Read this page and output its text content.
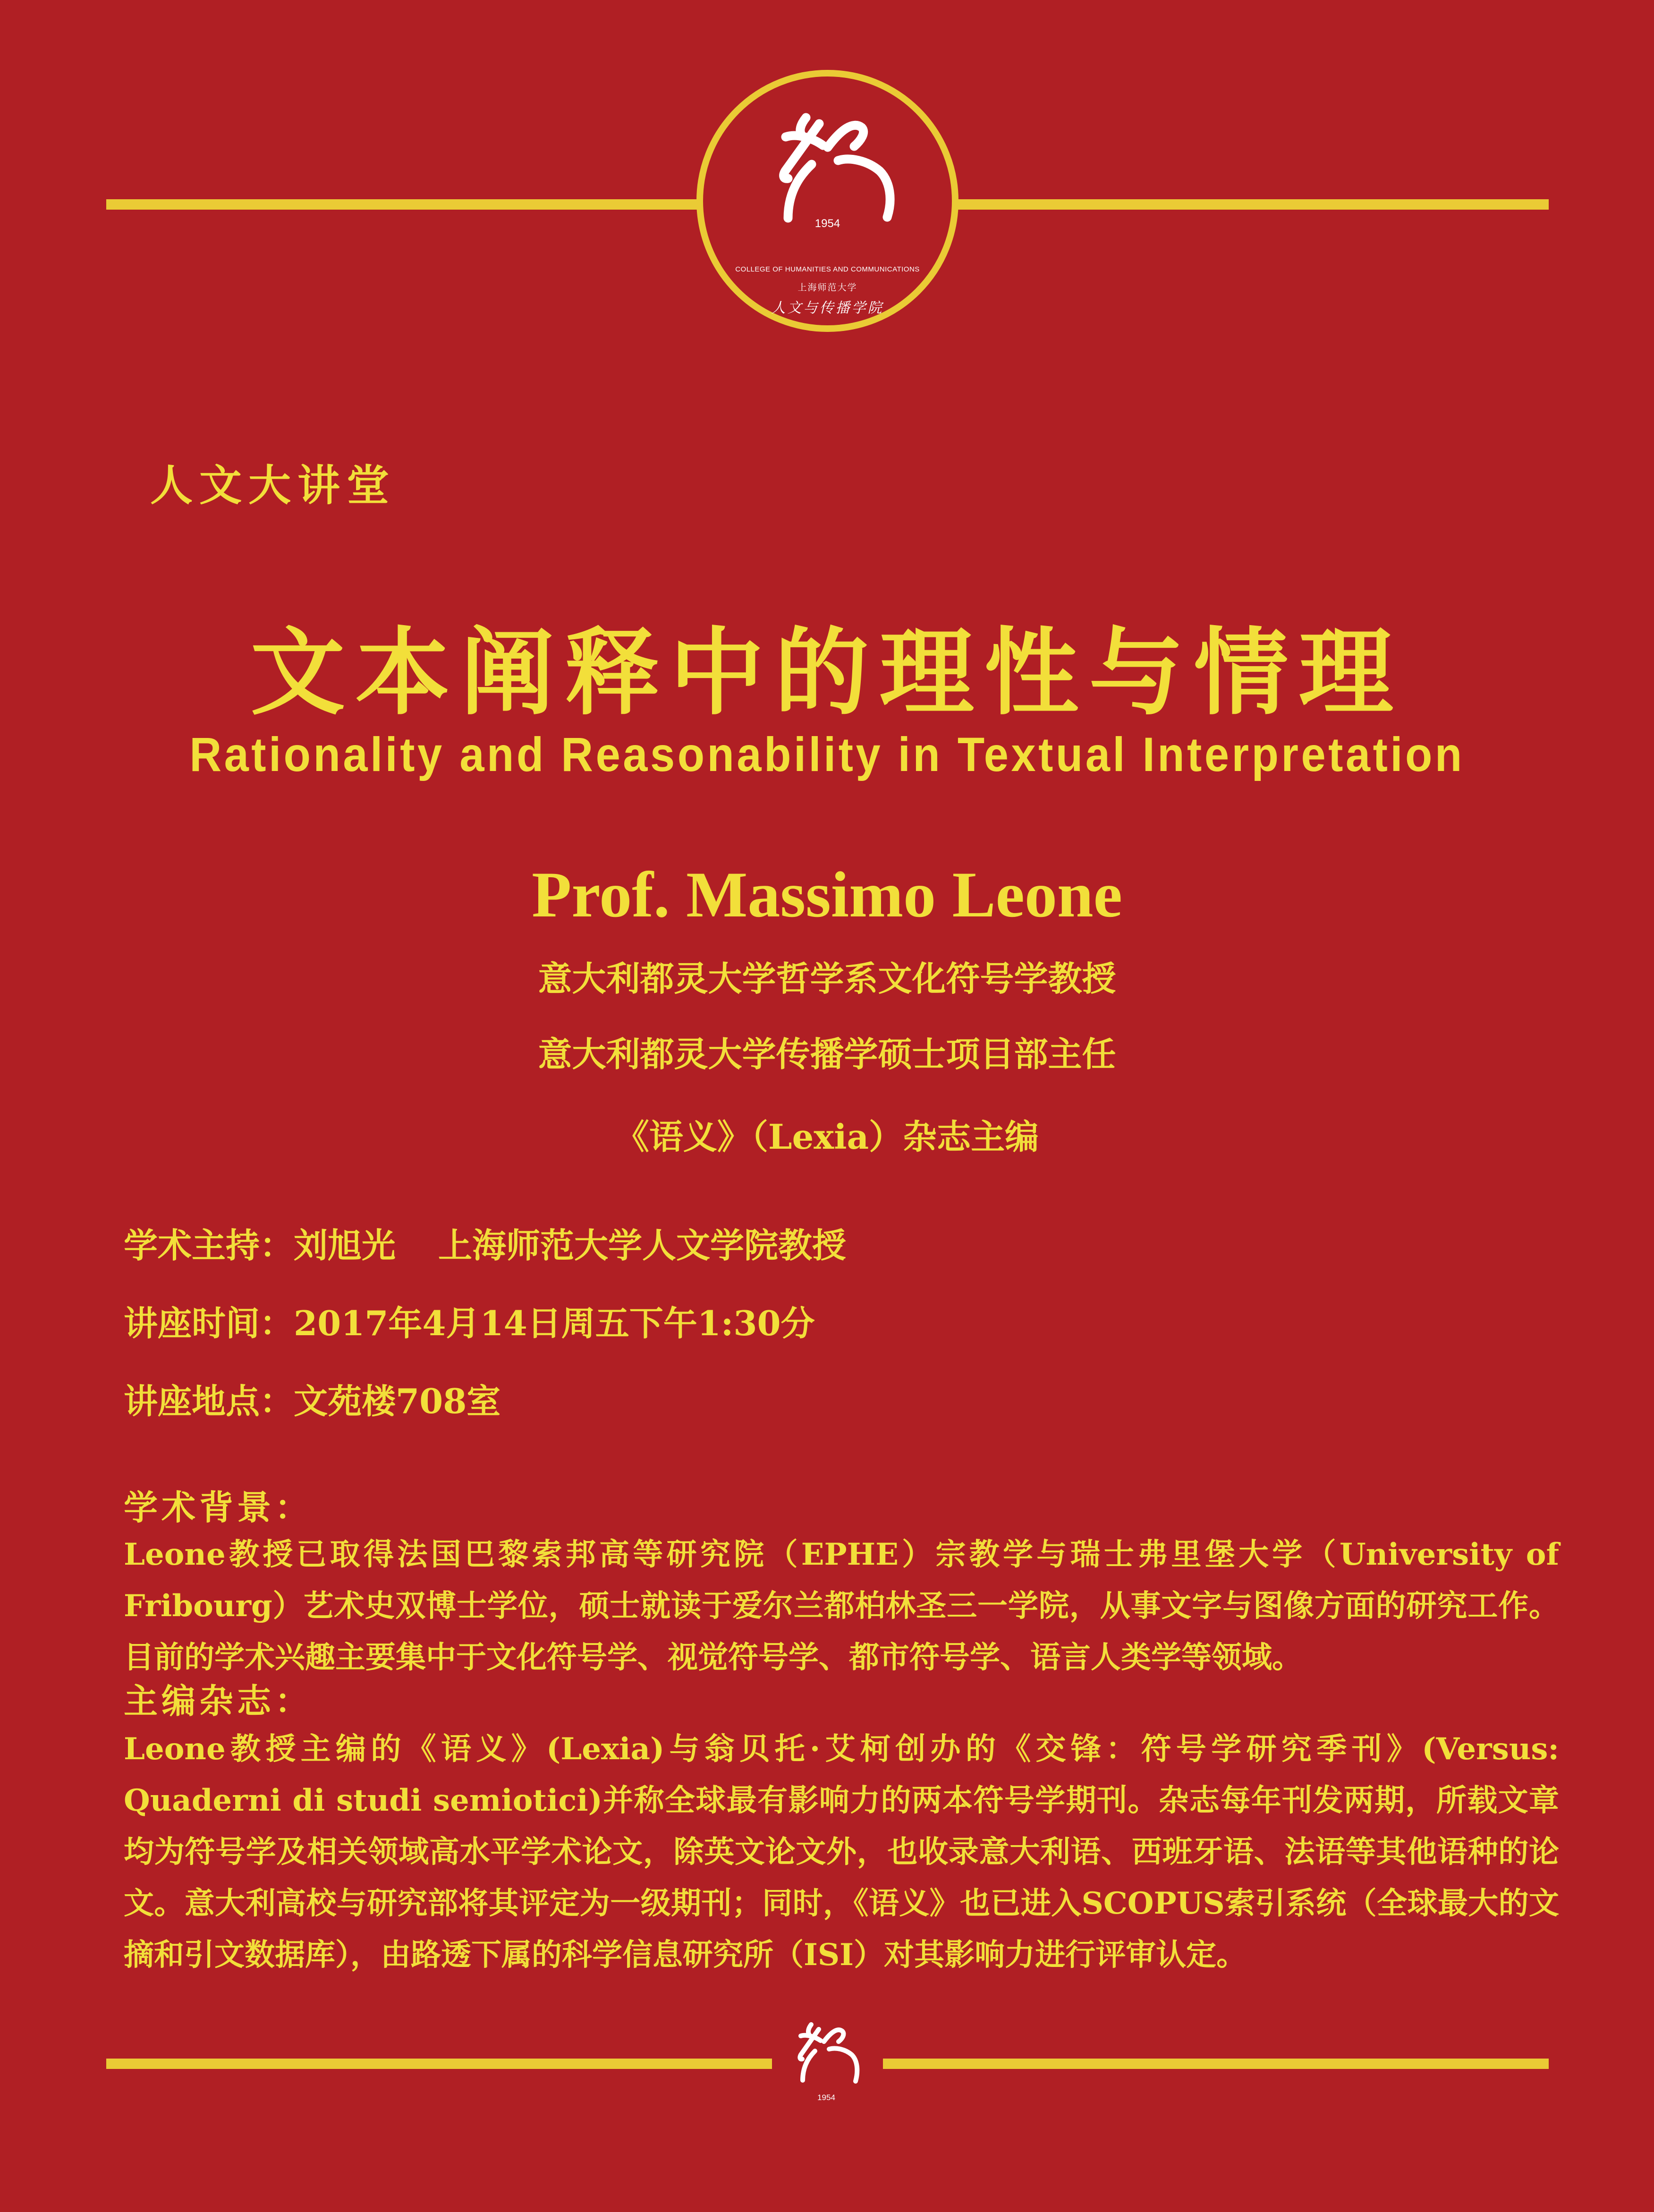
1954
COLLEGE OF HUMANITIES AND COMMUNICATIONS
上海师范大学
人文与传播学院
人文大讲堂
文本阐释中的理性与情理
Rationality and Reasonability in Textual Interpretation
Prof. Massimo Leone
意大利都灵大学哲学系文化符号学教授
意大利都灵大学传播学硕士项目部主任
《语义》（Lexia）杂志主编
学术主持：刘旭光 上海师范大学人文学院教授
讲座时间：2017年4月14日周五下午1:30分
讲座地点：文苑楼708室
学术背景：

Leone教授已取得法国巴黎索邦高等研究院（EPHE）宗教学与瑞士弗里堡大学（University of Fribourg）艺术史双博士学位，硕士就读于爱尔兰都柏林圣三一学院，从事文字与图像方面的研究工作。目前的学术兴趣主要集中于文化符号学、视觉符号学、都市符号学、语言人类学等领域。

主编杂志：

Leone教授主编的《语义》(Lexia)与翁贝托·艾柯创办的《交锋：符号学研究季刊》(Versus: Quaderni di studi semiotici)并称全球最有影响力的两本符号学期刊。杂志每年刊发两期，所载文章均为符号学及相关领域高水平学术论文，除英文论文外，也收录意大利语、西班牙语、法语等其他语种的论文。意大利高校与研究部将其评定为一级期刊；同时，《语义》也已进入SCOPUS索引系统（全球最大的文摘和引文数据库），由路透下属的科学信息研究所（ISI）对其影响力进行评审认定。

1954
